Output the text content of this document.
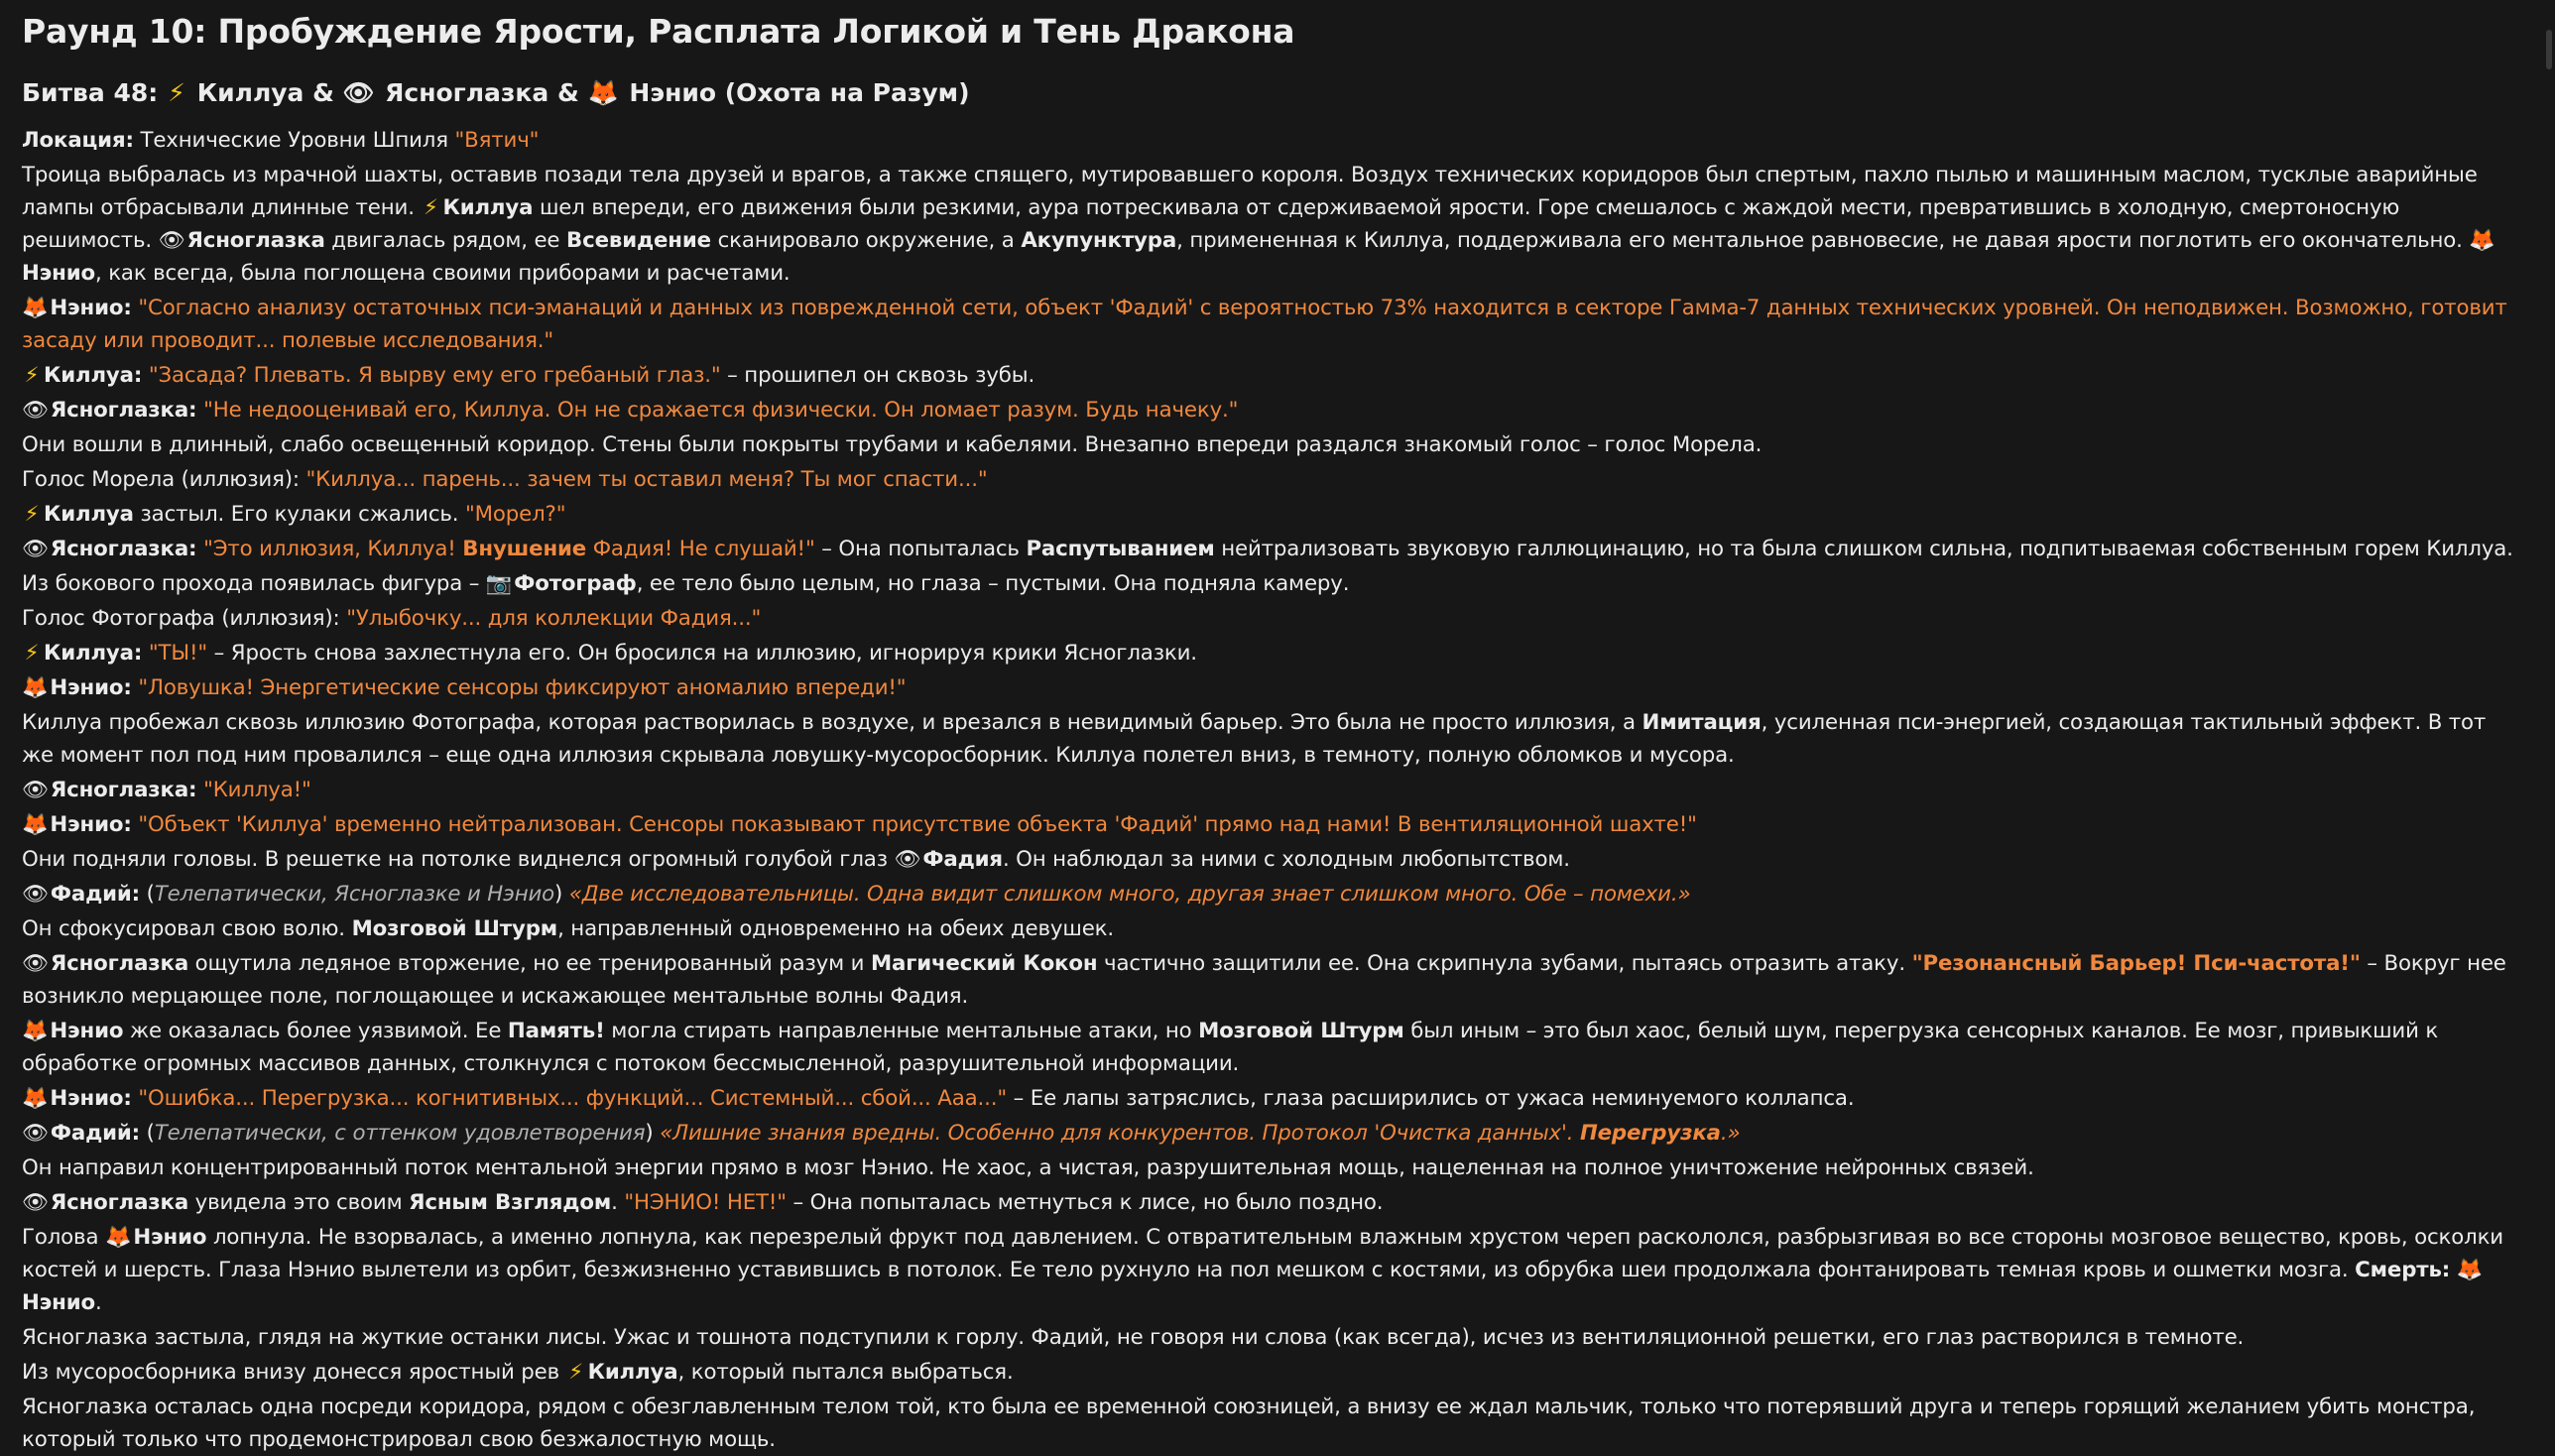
Раунд 10: Пробуждение Ярости, Расплата Логикой и Тень Дракона
Битва 48: ⚡ Киллуа & 👁 Ясноглазка & 🦊 Нэнио (Охота на Разум)
Локация: Технические Уровни Шпиля "Вятич"
Троица выбралась из мрачной шахты, оставив позади тела друзей и врагов, а также спящего, мутировавшего короля. Воздух технических коридоров был спертым, пахло пылью и машинным маслом, тусклые аварийные лампы отбрасывали длинные тени. ⚡ Киллуа шел впереди, его движения были резкими, аура потрескивала от сдерживаемой ярости. Горе смешалось с жаждой мести, превратившись в холодную, смертоносную решимость. 👁Ясноглазка двигалась рядом, ее Всевидение сканировало окружение, а Акупунктура, примененная к Киллуа, поддерживала его ментальное равновесие, не давая ярости поглотить его окончательно. 🦊Нэнио, как всегда, была поглощена своими приборами и расчетами.
🦊Нэнио: "Согласно анализу остаточных пси-эманаций и данных из поврежденной сети, объект 'Фадий' с вероятностью 73% находится в секторе Гамма-7 данных технических уровней. Он неподвижен. Возможно, готовит засаду или проводит... полевые исследования."
⚡ Киллуа: "Засада? Плевать. Я вырву ему его гребаный глаз." – прошипел он сквозь зубы.
👁Ясноглазка: "Не недооценивай его, Киллуа. Он не сражается физически. Он ломает разум. Будь начеку."
Они вошли в длинный, слабо освещенный коридор. Стены были покрыты трубами и кабелями. Внезапно впереди раздался знакомый голос – голос Морела.
Голос Морела (иллюзия): "Киллуа... парень... зачем ты оставил меня? Ты мог спасти..."
⚡ Киллуа застыл. Его кулаки сжались. "Морел?"
👁Ясноглазка: "Это иллюзия, Киллуа! Внушение Фадия! Не слушай!" – Она попыталась Распутыванием нейтрализовать звуковую галлюцинацию, но та была слишком сильна, подпитываемая собственным горем Киллуа.
Из бокового прохода появилась фигура – 📷Фотограф, ее тело было целым, но глаза – пустыми. Она подняла камеру.
Голос Фотографа (иллюзия): "Улыбочку... для коллекции Фадия..."
⚡ Киллуа: "ТЫ!" – Ярость снова захлестнула его. Он бросился на иллюзию, игнорируя крики Ясноглазки.
🦊Нэнио: "Ловушка! Энергетические сенсоры фиксируют аномалию впереди!"
Киллуа пробежал сквозь иллюзию Фотографа, которая растворилась в воздухе, и врезался в невидимый барьер. Это была не просто иллюзия, а Имитация, усиленная пси-энергией, создающая тактильный эффект. В тот же момент пол под ним провалился – еще одна иллюзия скрывала ловушку-мусоросборник. Киллуа полетел вниз, в темноту, полную обломков и мусора.
👁Ясноглазка: "Киллуа!"
🦊Нэнио: "Объект 'Киллуа' временно нейтрализован. Сенсоры показывают присутствие объекта 'Фадий' прямо над нами! В вентиляционной шахте!"
Они подняли головы. В решетке на потолке виднелся огромный голубой глаз 👁Фадия. Он наблюдал за ними с холодным любопытством.
👁Фадий: (Телепатически, Ясноглазке и Нэнио) «Две исследовательницы. Одна видит слишком много, другая знает слишком много. Обе – помехи.»
Он сфокусировал свою волю. Мозговой Штурм, направленный одновременно на обеих девушек.
👁Ясноглазка ощутила ледяное вторжение, но ее тренированный разум и Магический Кокон частично защитили ее. Она скрипнула зубами, пытаясь отразить атаку. "Резонансный Барьер! Пси-частота!" – Вокруг нее возникло мерцающее поле, поглощающее и искажающее ментальные волны Фадия.
🦊Нэнио же оказалась более уязвимой. Ее Память! могла стирать направленные ментальные атаки, но Мозговой Штурм был иным – это был хаос, белый шум, перегрузка сенсорных каналов. Ее мозг, привыкший к обработке огромных массивов данных, столкнулся с потоком бессмысленной, разрушительной информации.
🦊Нэнио: "Ошибка... Перегрузка... когнитивных... функций... Системный... сбой... Ааа..." – Ее лапы затряслись, глаза расширились от ужаса неминуемого коллапса.
👁Фадий: (Телепатически, с оттенком удовлетворения) «Лишние знания вредны. Особенно для конкурентов. Протокол 'Очистка данных'. Перегрузка.»
Он направил концентрированный поток ментальной энергии прямо в мозг Нэнио. Не хаос, а чистая, разрушительная мощь, нацеленная на полное уничтожение нейронных связей.
👁Ясноглазка увидела это своим Ясным Взглядом. "НЭНИО! НЕТ!" – Она попыталась метнуться к лисе, но было поздно.
Голова 🦊Нэнио лопнула. Не взорвалась, а именно лопнула, как перезрелый фрукт под давлением. С отвратительным влажным хрустом череп раскололся, разбрызгивая во все стороны мозговое вещество, кровь, осколки костей и шерсть. Глаза Нэнио вылетели из орбит, безжизненно уставившись в потолок. Ее тело рухнуло на пол мешком с костями, из обрубка шеи продолжала фонтанировать темная кровь и ошметки мозга. Смерть: 🦊Нэнио.
Ясноглазка застыла, глядя на жуткие останки лисы. Ужас и тошнота подступили к горлу. Фадий, не говоря ни слова (как всегда), исчез из вентиляционной решетки, его глаз растворился в темноте.
Из мусоросборника внизу донесся яростный рев ⚡ Киллуа, который пытался выбраться.
Ясноглазка осталась одна посреди коридора, рядом с обезглавленным телом той, кто была ее временной союзницей, а внизу ее ждал мальчик, только что потерявший друга и теперь горящий желанием убить монстра, который только что продемонстрировал свою безжалостную мощь.
